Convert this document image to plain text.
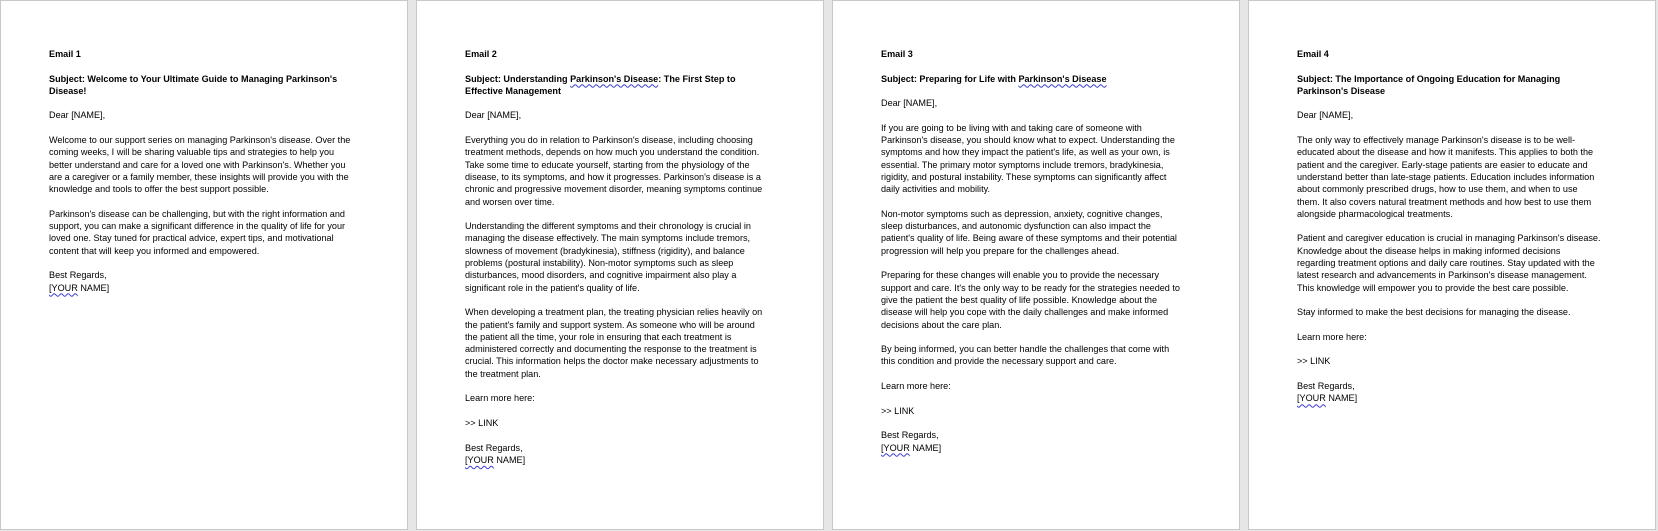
Email 1

Subject: Welcome to Your Ultimate Guide to Managing Parkinson's
Disease!

Dear [NAME],

Welcome to our support series on managing Parkinson's disease. Over the
coming weeks, I will be sharing valuable tips and strategies to help you
better understand and care for a loved one with Parkinson's. Whether you
are a caregiver or a family member, these insights will provide you with the
knowledge and tools to offer the best support possible.

Parkinson's disease can be challenging, but with the right information and
support, you can make a significant difference in the quality of life for your
loved one. Stay tuned for practical advice, expert tips, and motivational
content that will keep you informed and empowered.

Best Regards,
[YOUR NAME]

Email 2

Subject: Understanding Parkinson's Disease: The First Step to
Effective Management

Dear [NAME],

Everything you do in relation to Parkinson's disease, including choosing
treatment methods, depends on how much you understand the condition.
Take some time to educate yourself, starting from the physiology of the
disease, to its symptoms, and how it progresses. Parkinson's disease is a
chronic and progressive movement disorder, meaning symptoms continue
and worsen over time.

Understanding the different symptoms and their chronology is crucial in
managing the disease effectively. The main symptoms include tremors,
slowness of movement (bradykinesia), stiffness (rigidity), and balance
problems (postural instability). Non-motor symptoms such as sleep
disturbances, mood disorders, and cognitive impairment also play a
significant role in the patient's quality of life.

When developing a treatment plan, the treating physician relies heavily on
the patient's family and support system. As someone who will be around
the patient all the time, your role in ensuring that each treatment is
administered correctly and documenting the response to the treatment is
crucial. This information helps the doctor make necessary adjustments to
the treatment plan.

Learn more here:

>> LINK

Best Regards,
[YOUR NAME]

Email 3

Subject: Preparing for Life with Parkinson's Disease

Dear [NAME],

If you are going to be living with and taking care of someone with
Parkinson's disease, you should know what to expect. Understanding the
symptoms and how they impact the patient's life, as well as your own, is
essential. The primary motor symptoms include tremors, bradykinesia,
rigidity, and postural instability. These symptoms can significantly affect
daily activities and mobility.

Non-motor symptoms such as depression, anxiety, cognitive changes,
sleep disturbances, and autonomic dysfunction can also impact the
patient's quality of life. Being aware of these symptoms and their potential
progression will help you prepare for the challenges ahead.

Preparing for these changes will enable you to provide the necessary
support and care. It's the only way to be ready for the strategies needed to
give the patient the best quality of life possible. Knowledge about the
disease will help you cope with the daily challenges and make informed
decisions about the care plan.

By being informed, you can better handle the challenges that come with
this condition and provide the necessary support and care.

Learn more here:

>> LINK

Best Regards,
[YOUR NAME]

Email 4

Subject: The Importance of Ongoing Education for Managing
Parkinson's Disease

Dear [NAME],

The only way to effectively manage Parkinson's disease is to be well-
educated about the disease and how it manifests. This applies to both the
patient and the caregiver. Early-stage patients are easier to educate and
understand better than late-stage patients. Education includes information
about commonly prescribed drugs, how to use them, and when to use
them. It also covers natural treatment methods and how best to use them
alongside pharmacological treatments.

Patient and caregiver education is crucial in managing Parkinson's disease.
Knowledge about the disease helps in making informed decisions
regarding treatment options and daily care routines. Stay updated with the
latest research and advancements in Parkinson's disease management.
This knowledge will empower you to provide the best care possible.

Stay informed to make the best decisions for managing the disease.

Learn more here:

>> LINK

Best Regards,
[YOUR NAME]
